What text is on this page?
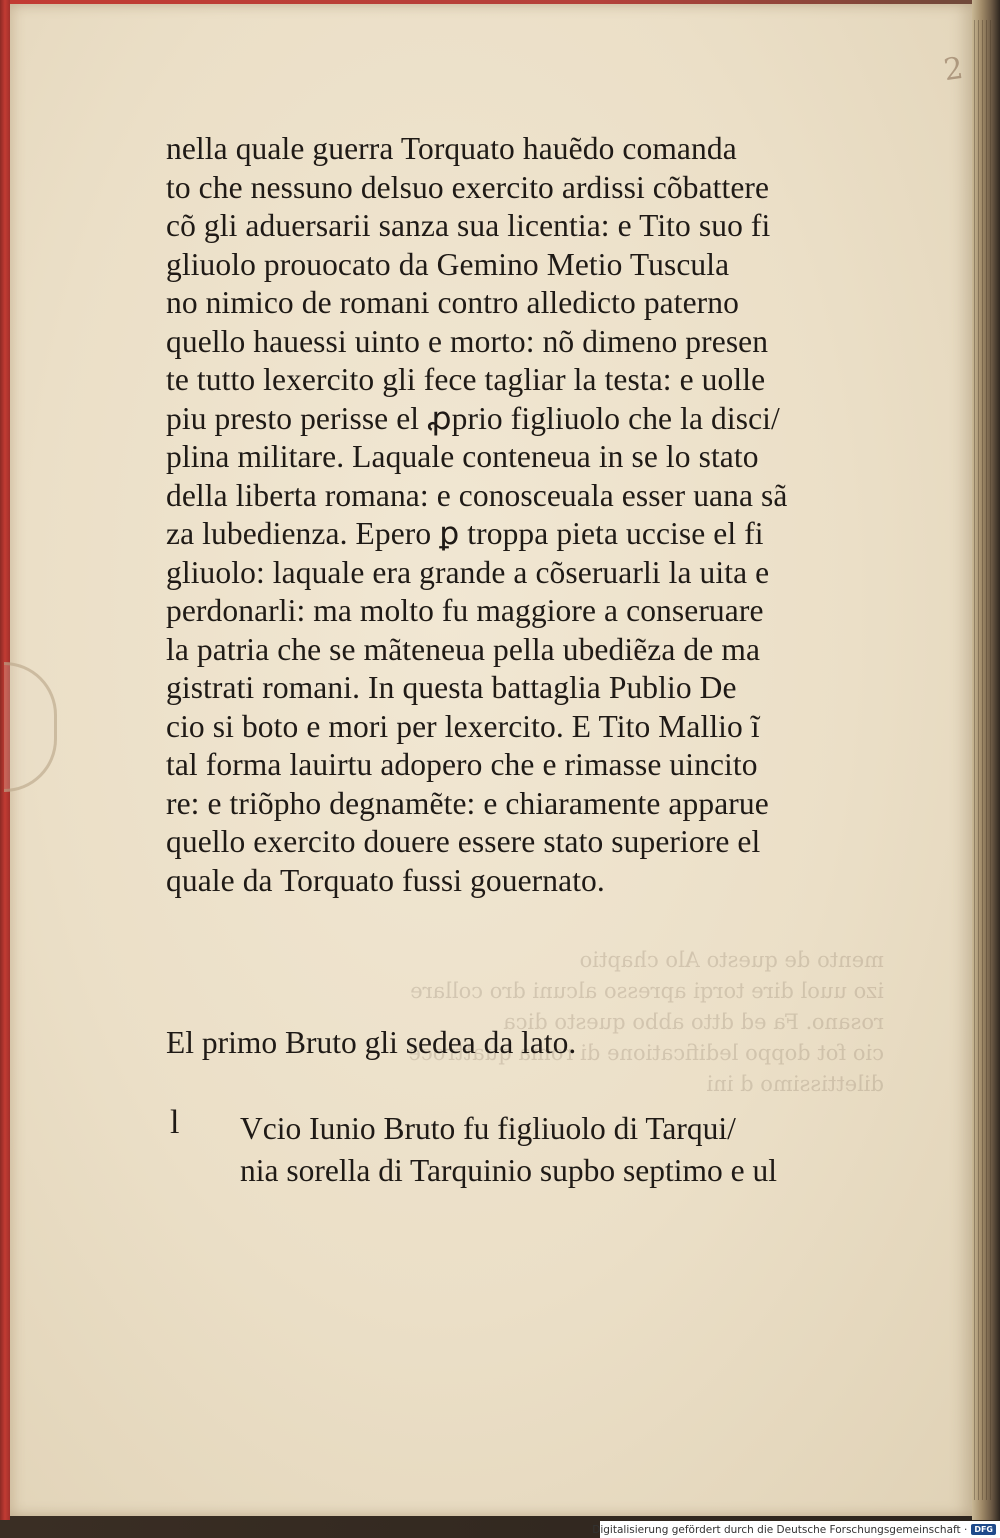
2
mento de questo Alo chaptio
izo uuol dire torqi apresso alcuni dro collare
rosano. Fa ed dtto abbo questo dica
cio fot doppo ledificatione di roma quattroce
dilettissimo d ini
nella quale guerra Torquato hauẽdo comanda
to che nessuno delsuo exercito ardissi cõbattere
cõ gli aduersarii sanza sua licentia: e Tito suo fi
gliuolo prouocato da Gemino Metio Tuscula
no nimico de romani contro alledicto paterno
quello hauessi uinto e morto: nõ dimeno presen
te tutto lexercito gli fece tagliar la testa: e uolle
piu presto perisse el ꝓprio figliuolo che la disci/
plina militare. Laquale conteneua in se lo stato
della liberta romana: e conosceuala esser uana sã
za lubedienza. Epero ꝑ troppa pieta uccise el fi
gliuolo: laquale era grande a cõseruarli la uita e
perdonarli: ma molto fu maggiore a conseruare
la patria che se mãteneua pella ubediẽza de ma
gistrati romani. In questa battaglia Publio De
cio si boto e mori per lexercito. E Tito Mallio ĩ
tal forma lauirtu adopero che e rimasse uincito
re: e triõpho degnamẽte: e chiaramente apparue
quello exercito douere essere stato superiore el
quale da Torquato fussi gouernato.
El primo Bruto gli sedea da lato.
l Vcio Iunio Bruto fu figliuolo di Tarqui/
nia sorella di Tarquinio supbo septimo e ul
Digitalisierung gefördert durch die Deutsche Forschungsgemeinschaft · DFG
